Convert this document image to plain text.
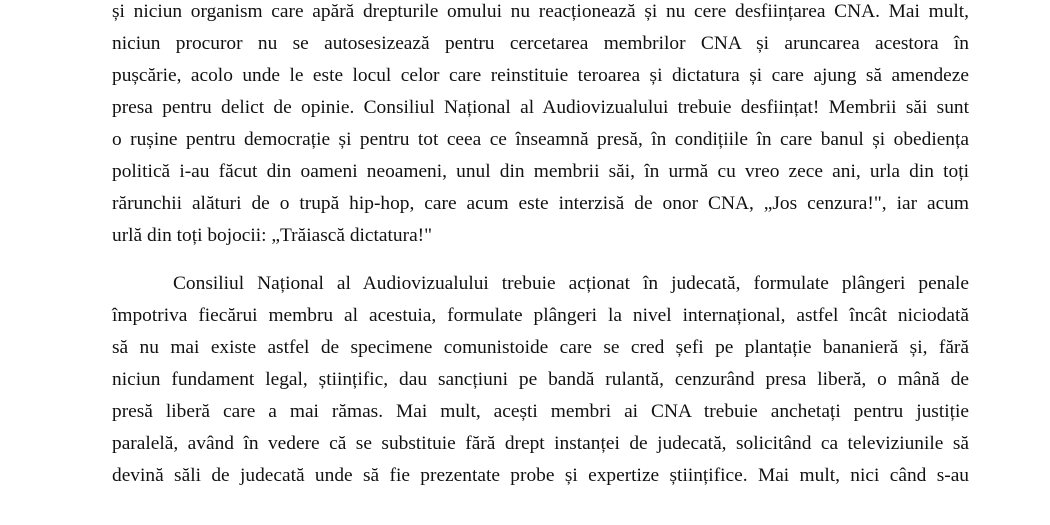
și niciun organism care apără drepturile omului nu reacționează și nu cere desființarea CNA. Mai mult,
niciun procuror nu se autosesizează pentru cercetarea membrilor CNA și aruncarea acestora în
pușcărie, acolo unde le este locul celor care reinstituie teroarea și dictatura și care ajung să amendeze
presa pentru delict de opinie. Consiliul Național al Audiovizualului trebuie desființat! Membrii săi sunt
o rușine pentru democrație și pentru tot ceea ce înseamnă presă, în condițiile în care banul și obediența
politică i-au făcut din oameni neoameni, unul din membrii săi, în urmă cu vreo zece ani, urla din toți
rărunchii alături de o trupă hip-hop, care acum este interzisă de onor CNA, „Jos cenzura!", iar acum
urlă din toți bojocii: „Trăiască dictatura!"
Consiliul Național al Audiovizualului trebuie acționat în judecată, formulate plângeri penale
împotriva fiecărui membru al acestuia, formulate plângeri la nivel internațional, astfel încât niciodată
să nu mai existe astfel de specimene comunistoide care se cred șefi pe plantație bananieră și, fără
niciun fundament legal, științific, dau sancțiuni pe bandă rulantă, cenzurând presa liberă, o mână de
presă liberă care a mai rămas. Mai mult, acești membri ai CNA trebuie anchetați pentru justiție
paralelă, având în vedere că se substituie fără drept instanței de judecată, solicitând ca televiziunile să
devină săli de judecată unde să fie prezentate probe și expertize științifice. Mai mult, nici când s-au
